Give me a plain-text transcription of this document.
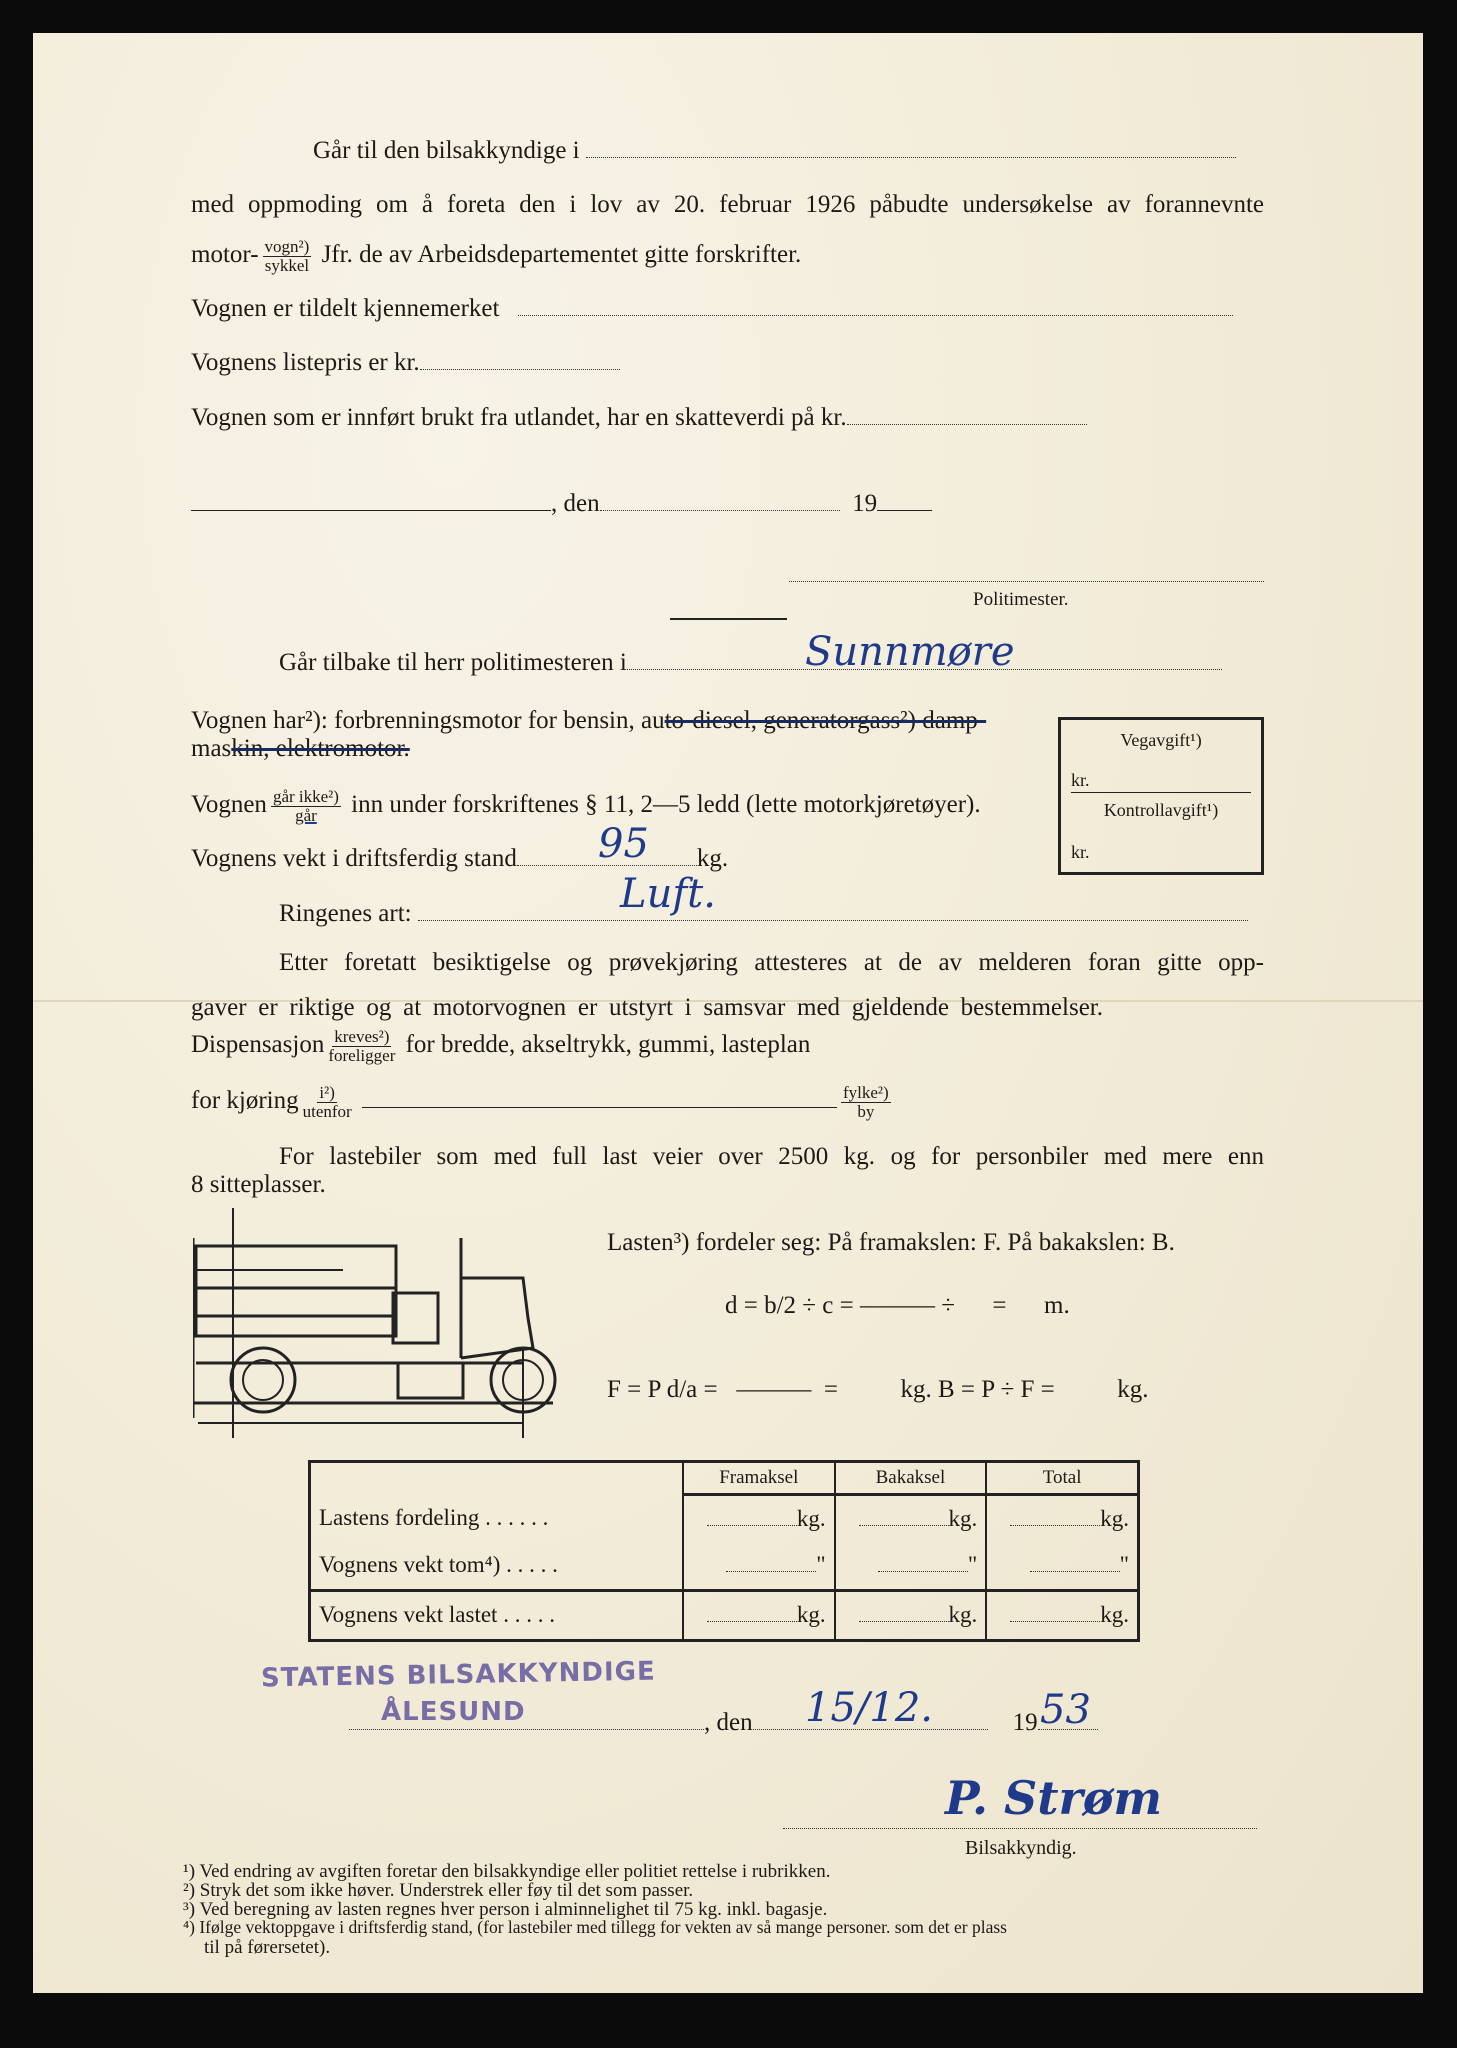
Går til den bilsakkyndige i
med oppmoding om å foreta den i lov av 20. februar 1926 påbudte undersøkelse av forannevnte
motor- $\frac{\text{vogn²)}}{\text{sykkel}}$ Jfr. de av Arbeidsdepartementet gitte forskrifter.
Vognen er tildelt kjennemerket
Vognens listepris er kr.
Vognen som er innført brukt fra utlandet, har en skatteverdi på kr.
, den	19
Politimester.
Går tilbake til herr politimesteren i	Sunnmøre
Vognen har²): forbrenningsmotor for bensin, auto-diesel, generatorgass²) damp-
maskin, elektromotor.	Vegavgift¹)
kr.
Kontrollavgift¹)
kr.
Vognen $\frac{\text{går ikke²)}}{\text{går}}$ inn under forskriftenes § 11, 2—5 ledd (lette motorkjøretøyer).
Vognens vekt i driftsferdig stand	kg.
95
Ringenes art:	Luft.
Etter foretatt besiktigelse og prøvekjøring attesteres at de av melderen foran gitte opp-
gaver er riktige og at motorvognen er utstyrt i samsvar med gjeldende bestemmelser.
Dispensasjon $\frac{\text{kreves²)}}{\text{foreligger}}$ for bredde, akseltrykk, gummi, lasteplan
for kjøring $\frac{\text{i²)}}{\text{utenfor}}$
	$\frac{\text{fylke²)}}{by}$
For lastebiler som med full last veier over 2500 kg. og for personbiler med mere enn
8 sitteplasser.
Lasten³) fordeler seg: På framakslen: F. På bakakslen: B.
d = b/2 ÷ c = ——— ÷      =      m.
F = P d/a =   ———  =          kg. B = P ÷ F =          kg.
	Framaksel	Bakaksel	Total
Lastens fordeling . . . . . .	kg.	kg.	kg.
Vognens vekt tom⁴) . . . . .	"	"	"
Vognens vekt lastet . . . . .	kg.	kg.	kg.
STATENS BILSAKKYNDIGE
ÅLESUND	, den	19
15/12.	53
P. Strøm
Bilsakkyndig.
¹) Ved endring av avgiften foretar den bilsakkyndige eller politiet rettelse i rubrikken.
²) Stryk det som ikke høver. Understrek eller føy til det som passer.
³) Ved beregning av lasten regnes hver person i alminnelighet til 75 kg. inkl. bagasje.
⁴) Ifølge vektoppgave i driftsferdig stand, (for lastebiler med tillegg for vekten av så mange personer. som det er plass
til på førersetet).
